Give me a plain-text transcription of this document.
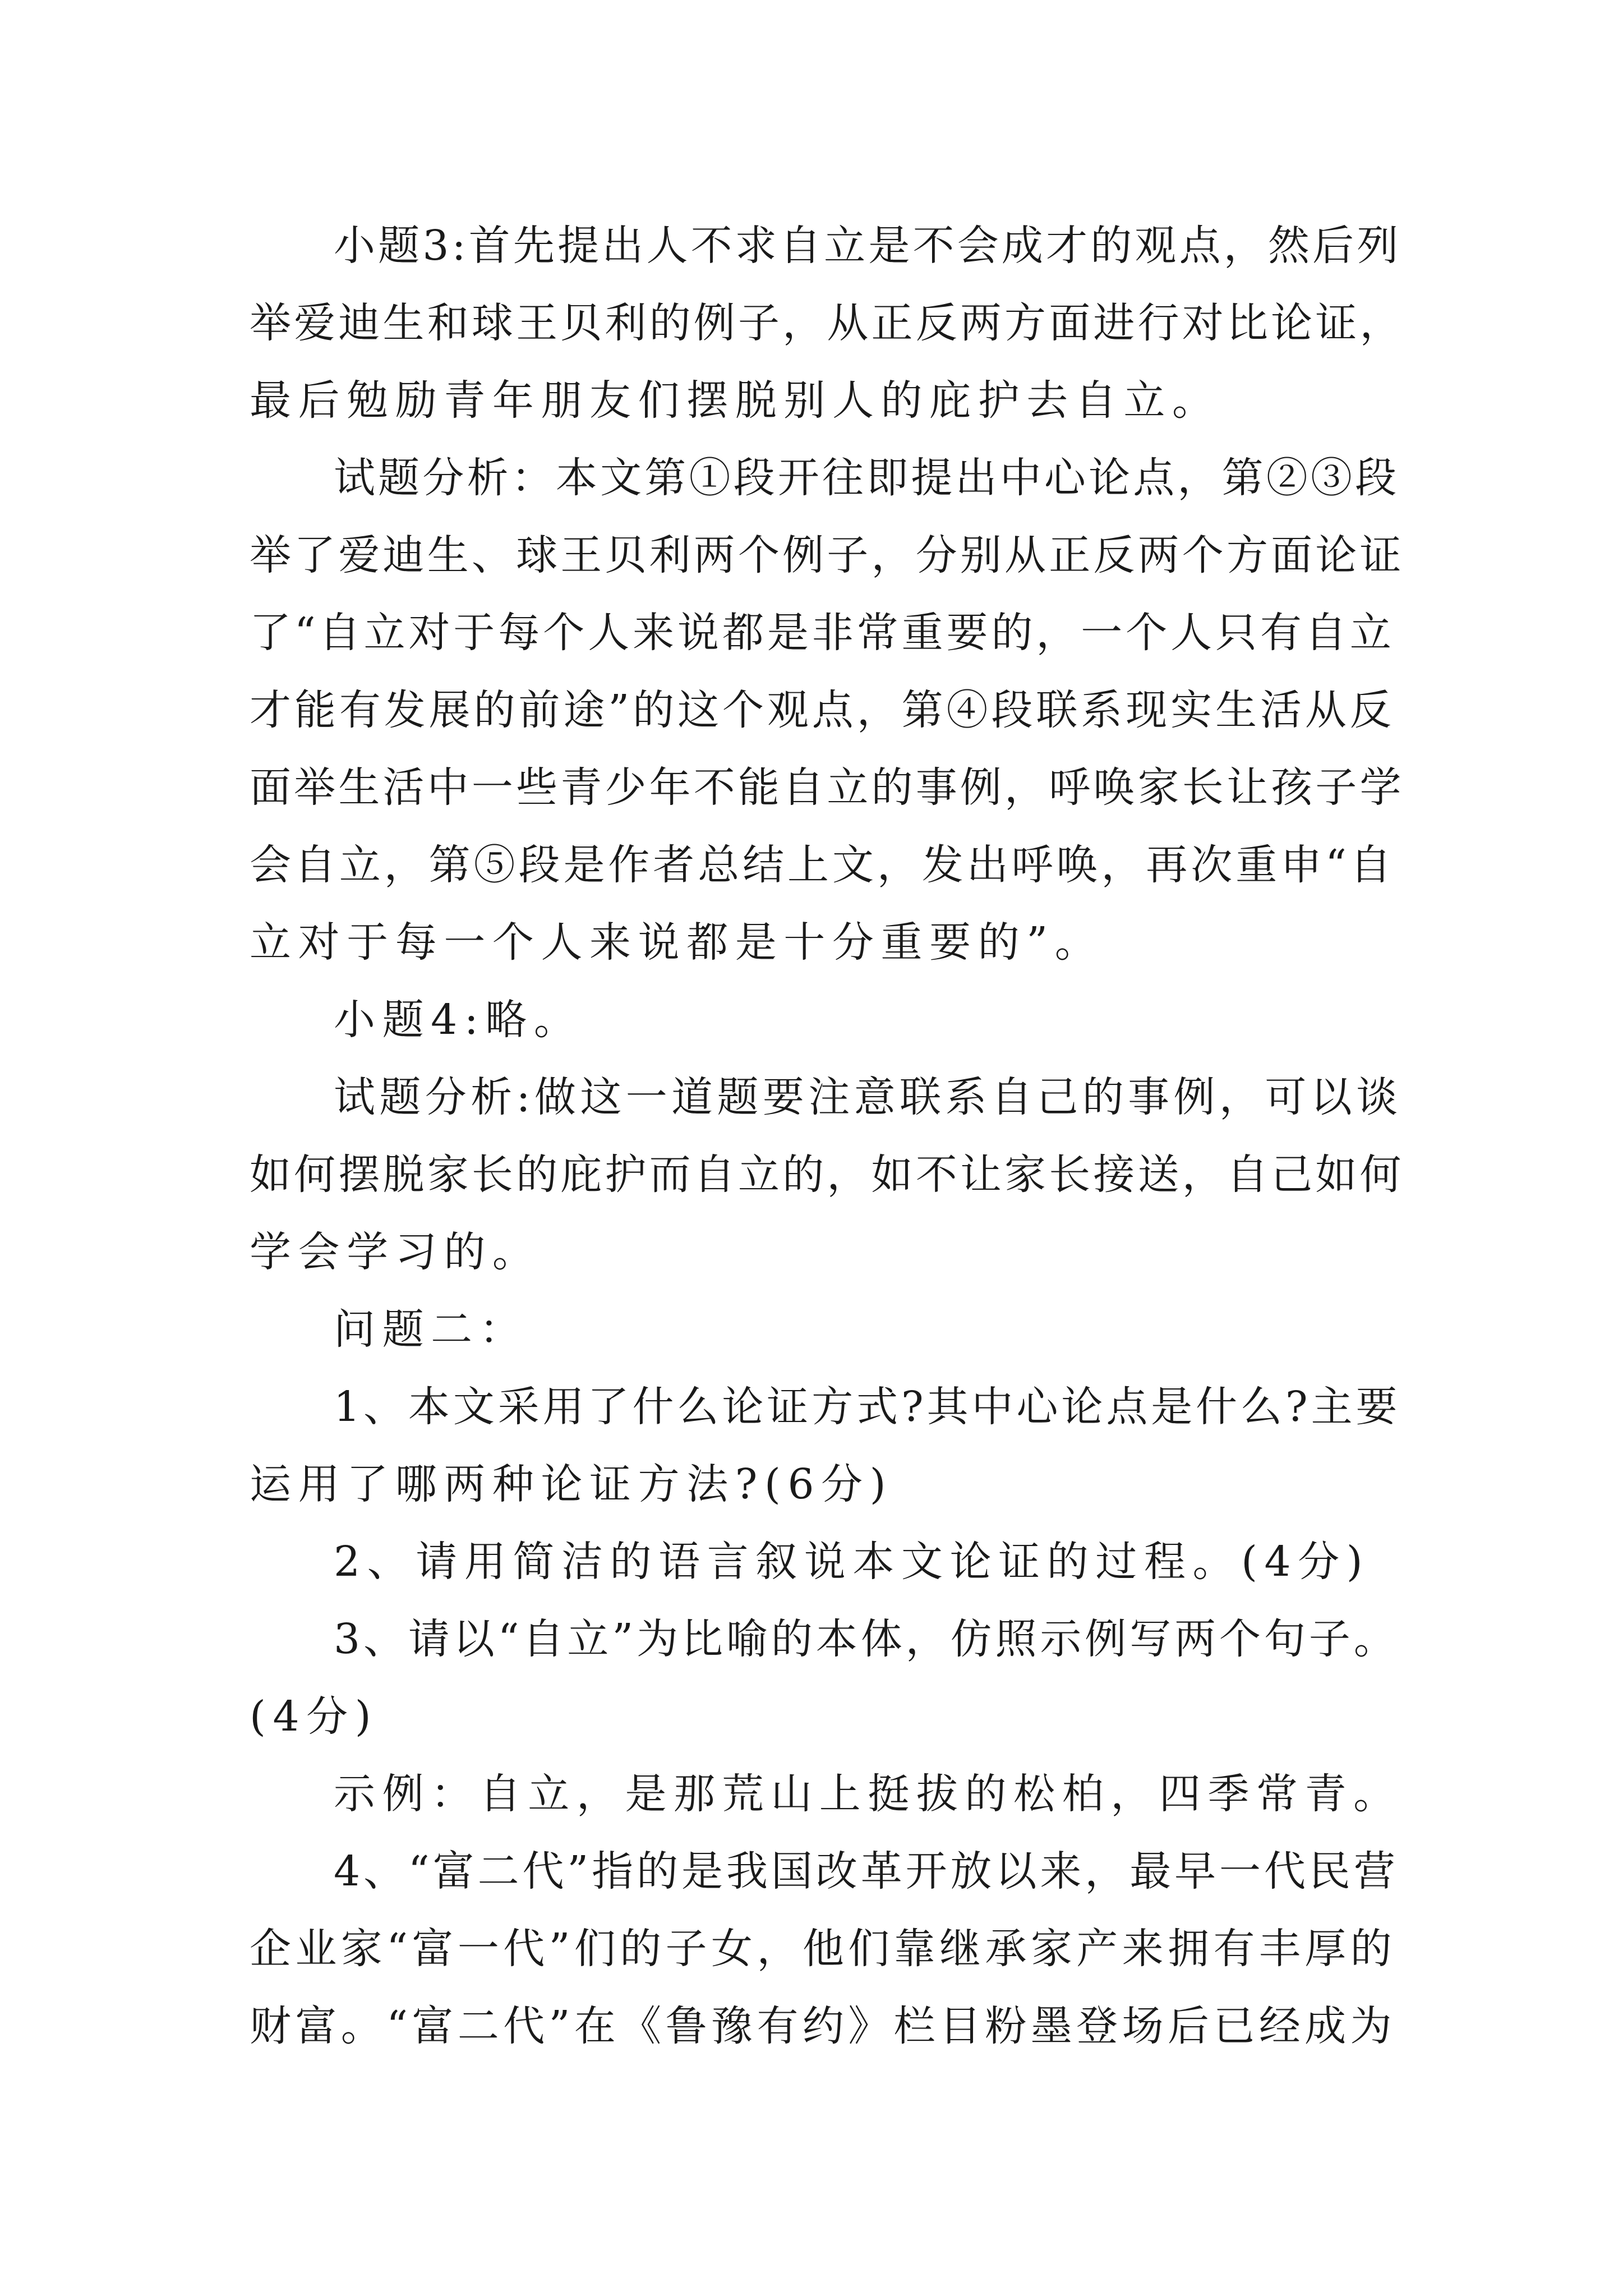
小题3:首先提出人不求自立是不会成才的观点，然后列
举爱迪生和球王贝利的例子，从正反两方面进行对比论证，
最后勉励青年朋友们摆脱别人的庇护去自立。
试题分析：本文第①段开往即提出中心论点，第②③段
举了爱迪生、球王贝利两个例子，分别从正反两个方面论证
了“自立对于每个人来说都是非常重要的，一个人只有自立
才能有发展的前途”的这个观点，第④段联系现实生活从反
面举生活中一些青少年不能自立的事例，呼唤家长让孩子学
会自立，第⑤段是作者总结上文，发出呼唤，再次重申“自
立对于每一个人来说都是十分重要的”。
小题4:略。
试题分析:做这一道题要注意联系自己的事例，可以谈
如何摆脱家长的庇护而自立的，如不让家长接送，自己如何
学会学习的。
问题二：
1、本文采用了什么论证方式?其中心论点是什么?主要
运用了哪两种论证方法?(6分)
2、请用简洁的语言叙说本文论证的过程。(4分)
3、请以“自立”为比喻的本体，仿照示例写两个句子。
(4分)
示例：自立，是那荒山上挺拔的松柏，四季常青。
4、“富二代”指的是我国改革开放以来，最早一代民营
企业家“富一代”们的子女，他们靠继承家产来拥有丰厚的
财富。“富二代”在《鲁豫有约》栏目粉墨登场后已经成为
